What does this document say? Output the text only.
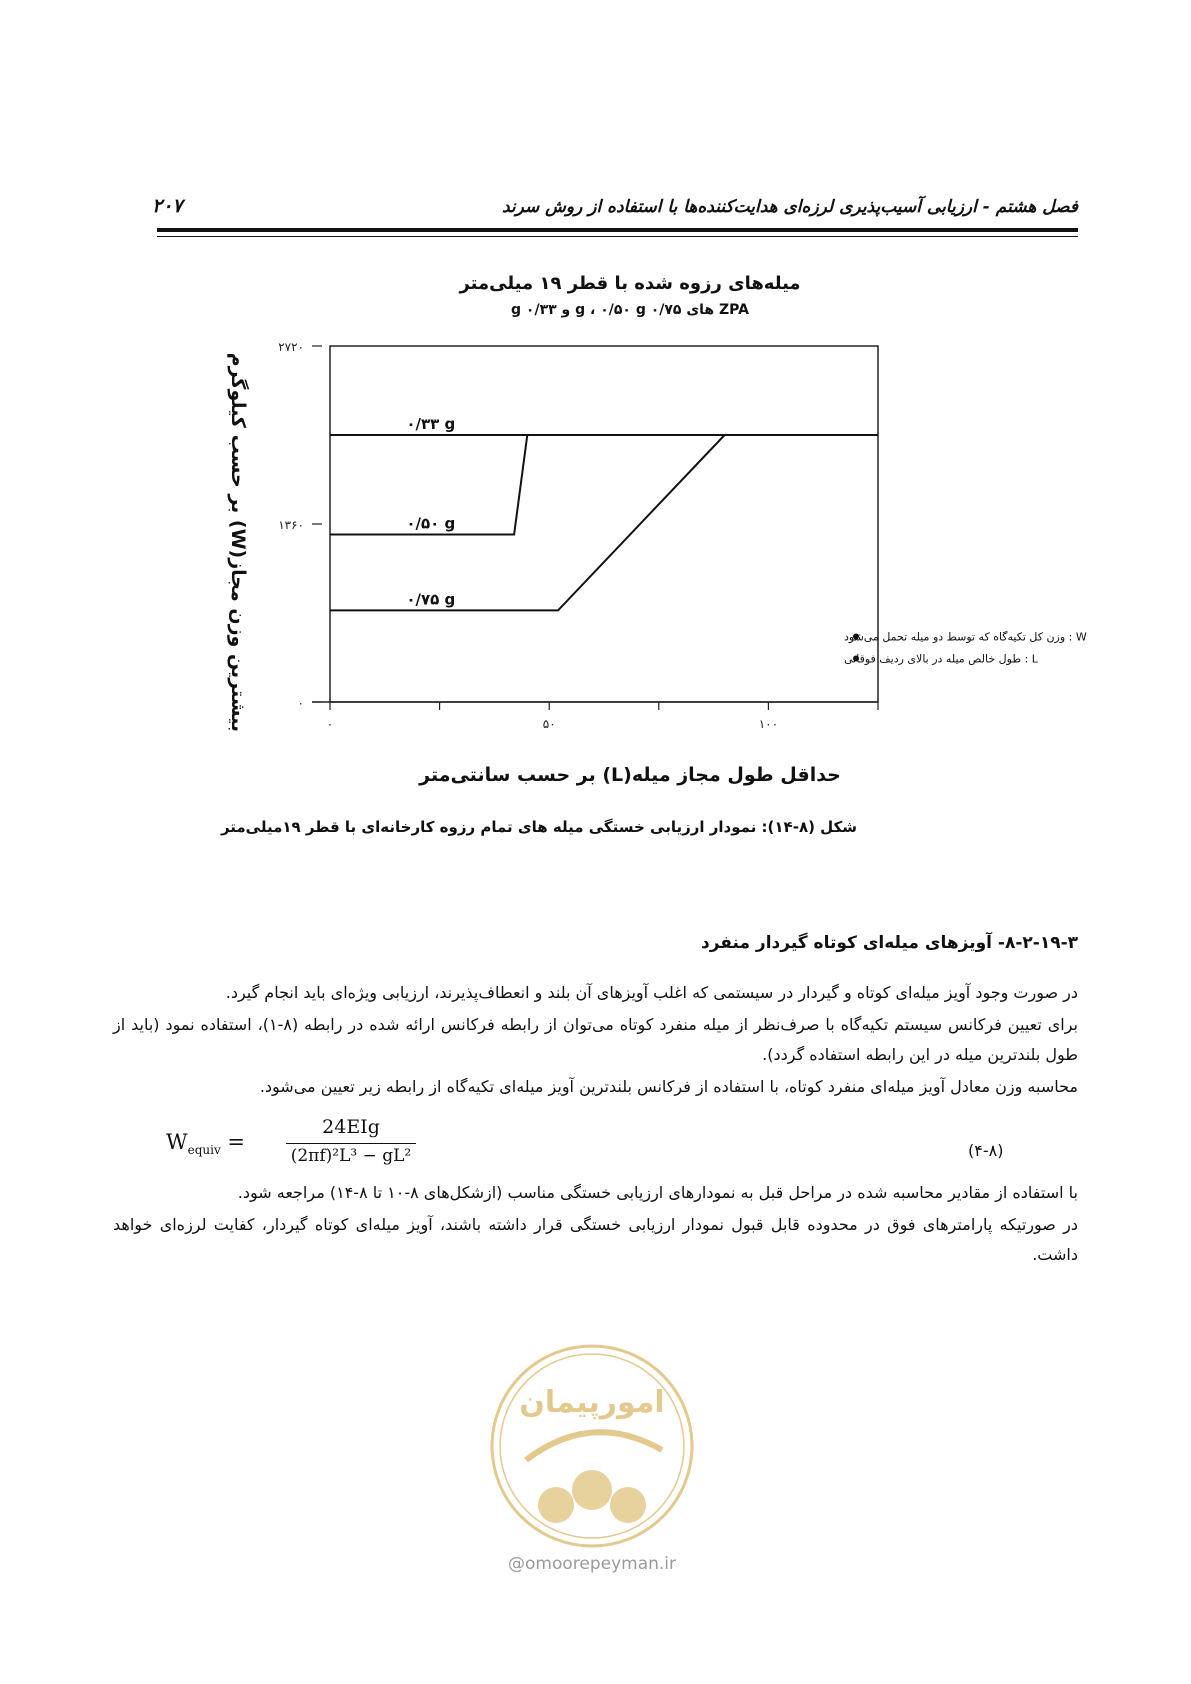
فصل هشتم - ارزیابی آسیب‌پذیری لرزه‌ای هدایت‌کننده‌ها با استفاده از روش سرند
۲۰۷
میله‌های رزوه شده با قطر ۱۹ میلی‌متر
ZPA های ۰/۷۵ g ، ۰/۵۰ g و ۰/۳۳ g
۰
۱۳۶۰
۲۷۲۰
۰	۵۰	۱۰۰
۰/۳۳ g
۰/۵۰ g
۰/۷۵ g
W : وزن کل تکیه‌گاه که توسط دو میله تحمل می‌شود
L : طول خالص میله در بالای ردیف فوقانی
بیشترین وزن مجاز(W) بر حسب کیلوگرم
حداقل طول مجاز میله(L) بر حسب سانتی‌متر
شکل (۸-۱۴): نمودار ارزیابی خستگی میله های تمام رزوه کارخانه‌ای با قطر ۱۹میلی‌متر
۸-۲-۱۹-۳- آویزهای میله‌ای کوتاه گیردار منفرد
در صورت وجود آویز میله‌ای کوتاه و گیردار در سیستمی که اغلب آویزهای آن بلند و انعطاف‌پذیرند، ارزیابی ویژه‌ای باید انجام گیرد.
برای تعیین فرکانس سیستم تکیه‌گاه با صرف‌نظر از میله منفرد کوتاه می‌توان از رابطه فرکانس ارائه شده در رابطه (۸-۱)، استفاده نمود (باید از طول بلندترین میله در این رابطه استفاده گردد).
محاسبه وزن معادل آویز میله‌ای منفرد کوتاه، با استفاده از فرکانس بلندترین آویز میله‌ای تکیه‌گاه از رابطه زیر تعیین می‌شود.
$W_{equiv}$ =
24EIg
(2πf)²L³ − gL²	(۴-۸)
با استفاده از مقادیر محاسبه شده در مراحل قبل به نمودارهای ارزیابی خستگی مناسب (ازشکل‌های ۸-۱۰ تا ۸-۱۴) مراجعه شود.
در صورتیکه پارامترهای فوق در محدوده قابل قبول نمودار ارزیابی خستگی قرار داشته باشند، آویز میله‌ای کوتاه گیردار، کفایت لرزه‌ای خواهد داشت.
امورپیمان
@omoorepeyman.ir
